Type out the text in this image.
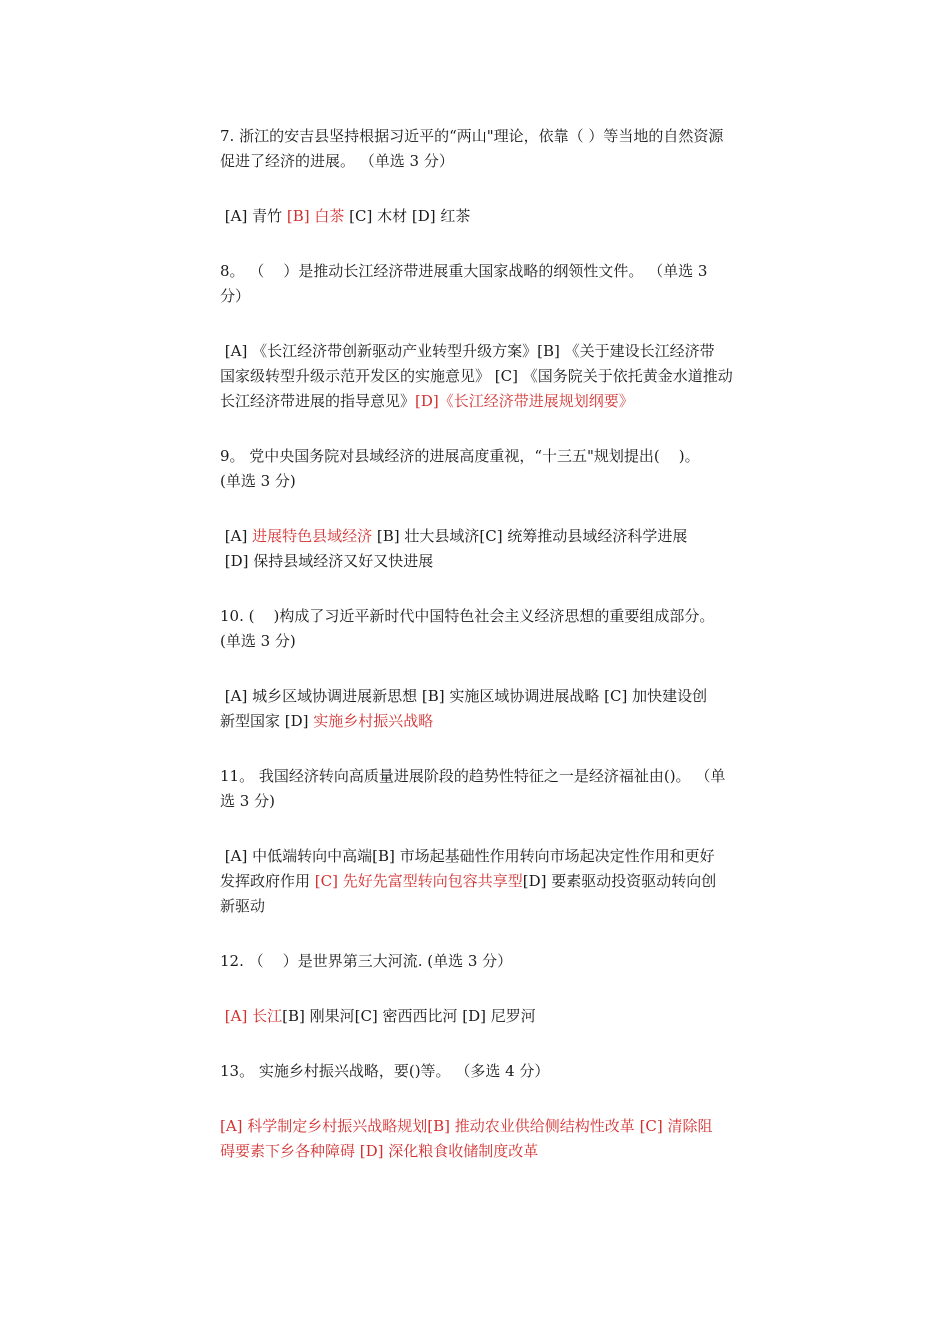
7. 浙江的安吉县坚持根据习近平的“两山"理论，依靠（ ）等当地的自然资源
促进了经济的进展。 （单选 3 分）
[A] 青竹 [B] 白茶 [C] 木材 [D] 红茶
8。 （    ）是推动长江经济带进展重大国家战略的纲领性文件。 （单选 3
分）
[A] 《长江经济带创新驱动产业转型升级方案》[B] 《关于建设长江经济带
国家级转型升级示范开发区的实施意见》 [C] 《国务院关于依托黄金水道推动
长江经济带进展的指导意见》[D]《长江经济带进展规划纲要》
9。 党中央国务院对县域经济的进展高度重视，“十三五"规划提出(    )。
(单选 3 分)
[A] 进展特色县域经济 [B] 壮大县域济[C] 统筹推动县域经济科学进展
[D] 保持县域经济又好又快进展
10. (    )构成了习近平新时代中国特色社会主义经济思想的重要组成部分。
(单选 3 分)
[A] 城乡区域协调进展新思想 [B] 实施区域协调进展战略 [C] 加快建设创
新型国家 [D] 实施乡村振兴战略
11。 我国经济转向高质量进展阶段的趋势性特征之一是经济福祉由()。 （单
选 3 分)
[A] 中低端转向中高端[B] 市场起基础性作用转向市场起决定性作用和更好
发挥政府作用 [C] 先好先富型转向包容共享型[D] 要素驱动投资驱动转向创
新驱动
12. （    ）是世界第三大河流. (单选 3 分）
[A] 长江[B] 刚果河[C] 密西西比河 [D] 尼罗河
13。 实施乡村振兴战略，要()等。 （多选 4 分）
[A] 科学制定乡村振兴战略规划[B] 推动农业供给侧结构性改革 [C] 清除阻
碍要素下乡各种障碍 [D] 深化粮食收储制度改革
